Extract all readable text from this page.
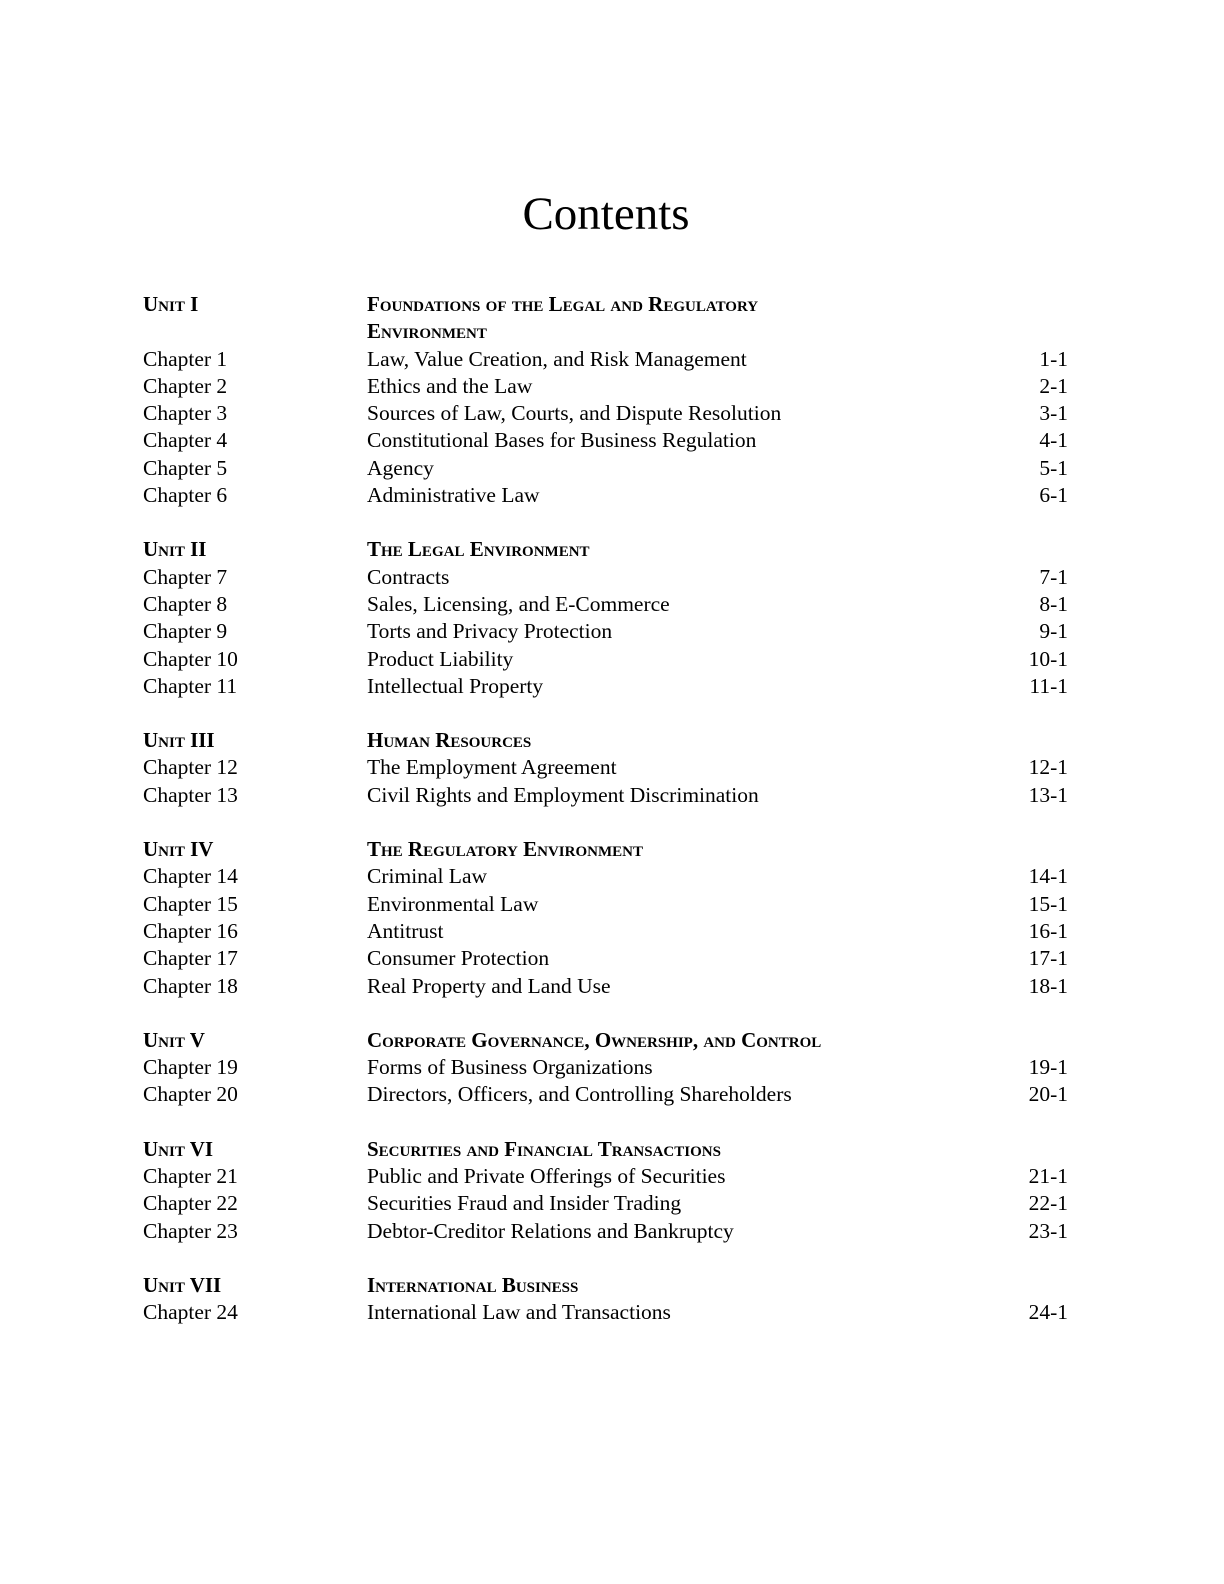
Contents
Unit I	Foundations of the Legal and Regulatory Environment
Chapter 1	Law, Value Creation, and Risk Management	1-1
Chapter 2	Ethics and the Law	2-1
Chapter 3	Sources of Law, Courts, and Dispute Resolution	3-1
Chapter 4	Constitutional Bases for Business Regulation	4-1
Chapter 5	Agency	5-1
Chapter 6	Administrative Law	6-1
Unit II	The Legal Environment
Chapter 7	Contracts	7-1
Chapter 8	Sales, Licensing, and E-Commerce	8-1
Chapter 9	Torts and Privacy Protection	9-1
Chapter 10	Product Liability	10-1
Chapter 11	Intellectual Property	11-1
Unit III	Human Resources
Chapter 12	The Employment Agreement	12-1
Chapter 13	Civil Rights and Employment Discrimination	13-1
Unit IV	The Regulatory Environment
Chapter 14	Criminal Law	14-1
Chapter 15	Environmental Law	15-1
Chapter 16	Antitrust	16-1
Chapter 17	Consumer Protection	17-1
Chapter 18	Real Property and Land Use	18-1
Unit V	Corporate Governance, Ownership, and Control
Chapter 19	Forms of Business Organizations	19-1
Chapter 20	Directors, Officers, and Controlling Shareholders	20-1
Unit VI	Securities and Financial Transactions
Chapter 21	Public and Private Offerings of Securities	21-1
Chapter 22	Securities Fraud and Insider Trading	22-1
Chapter 23	Debtor-Creditor Relations and Bankruptcy	23-1
Unit VII	International Business
Chapter 24	International Law and Transactions	24-1
